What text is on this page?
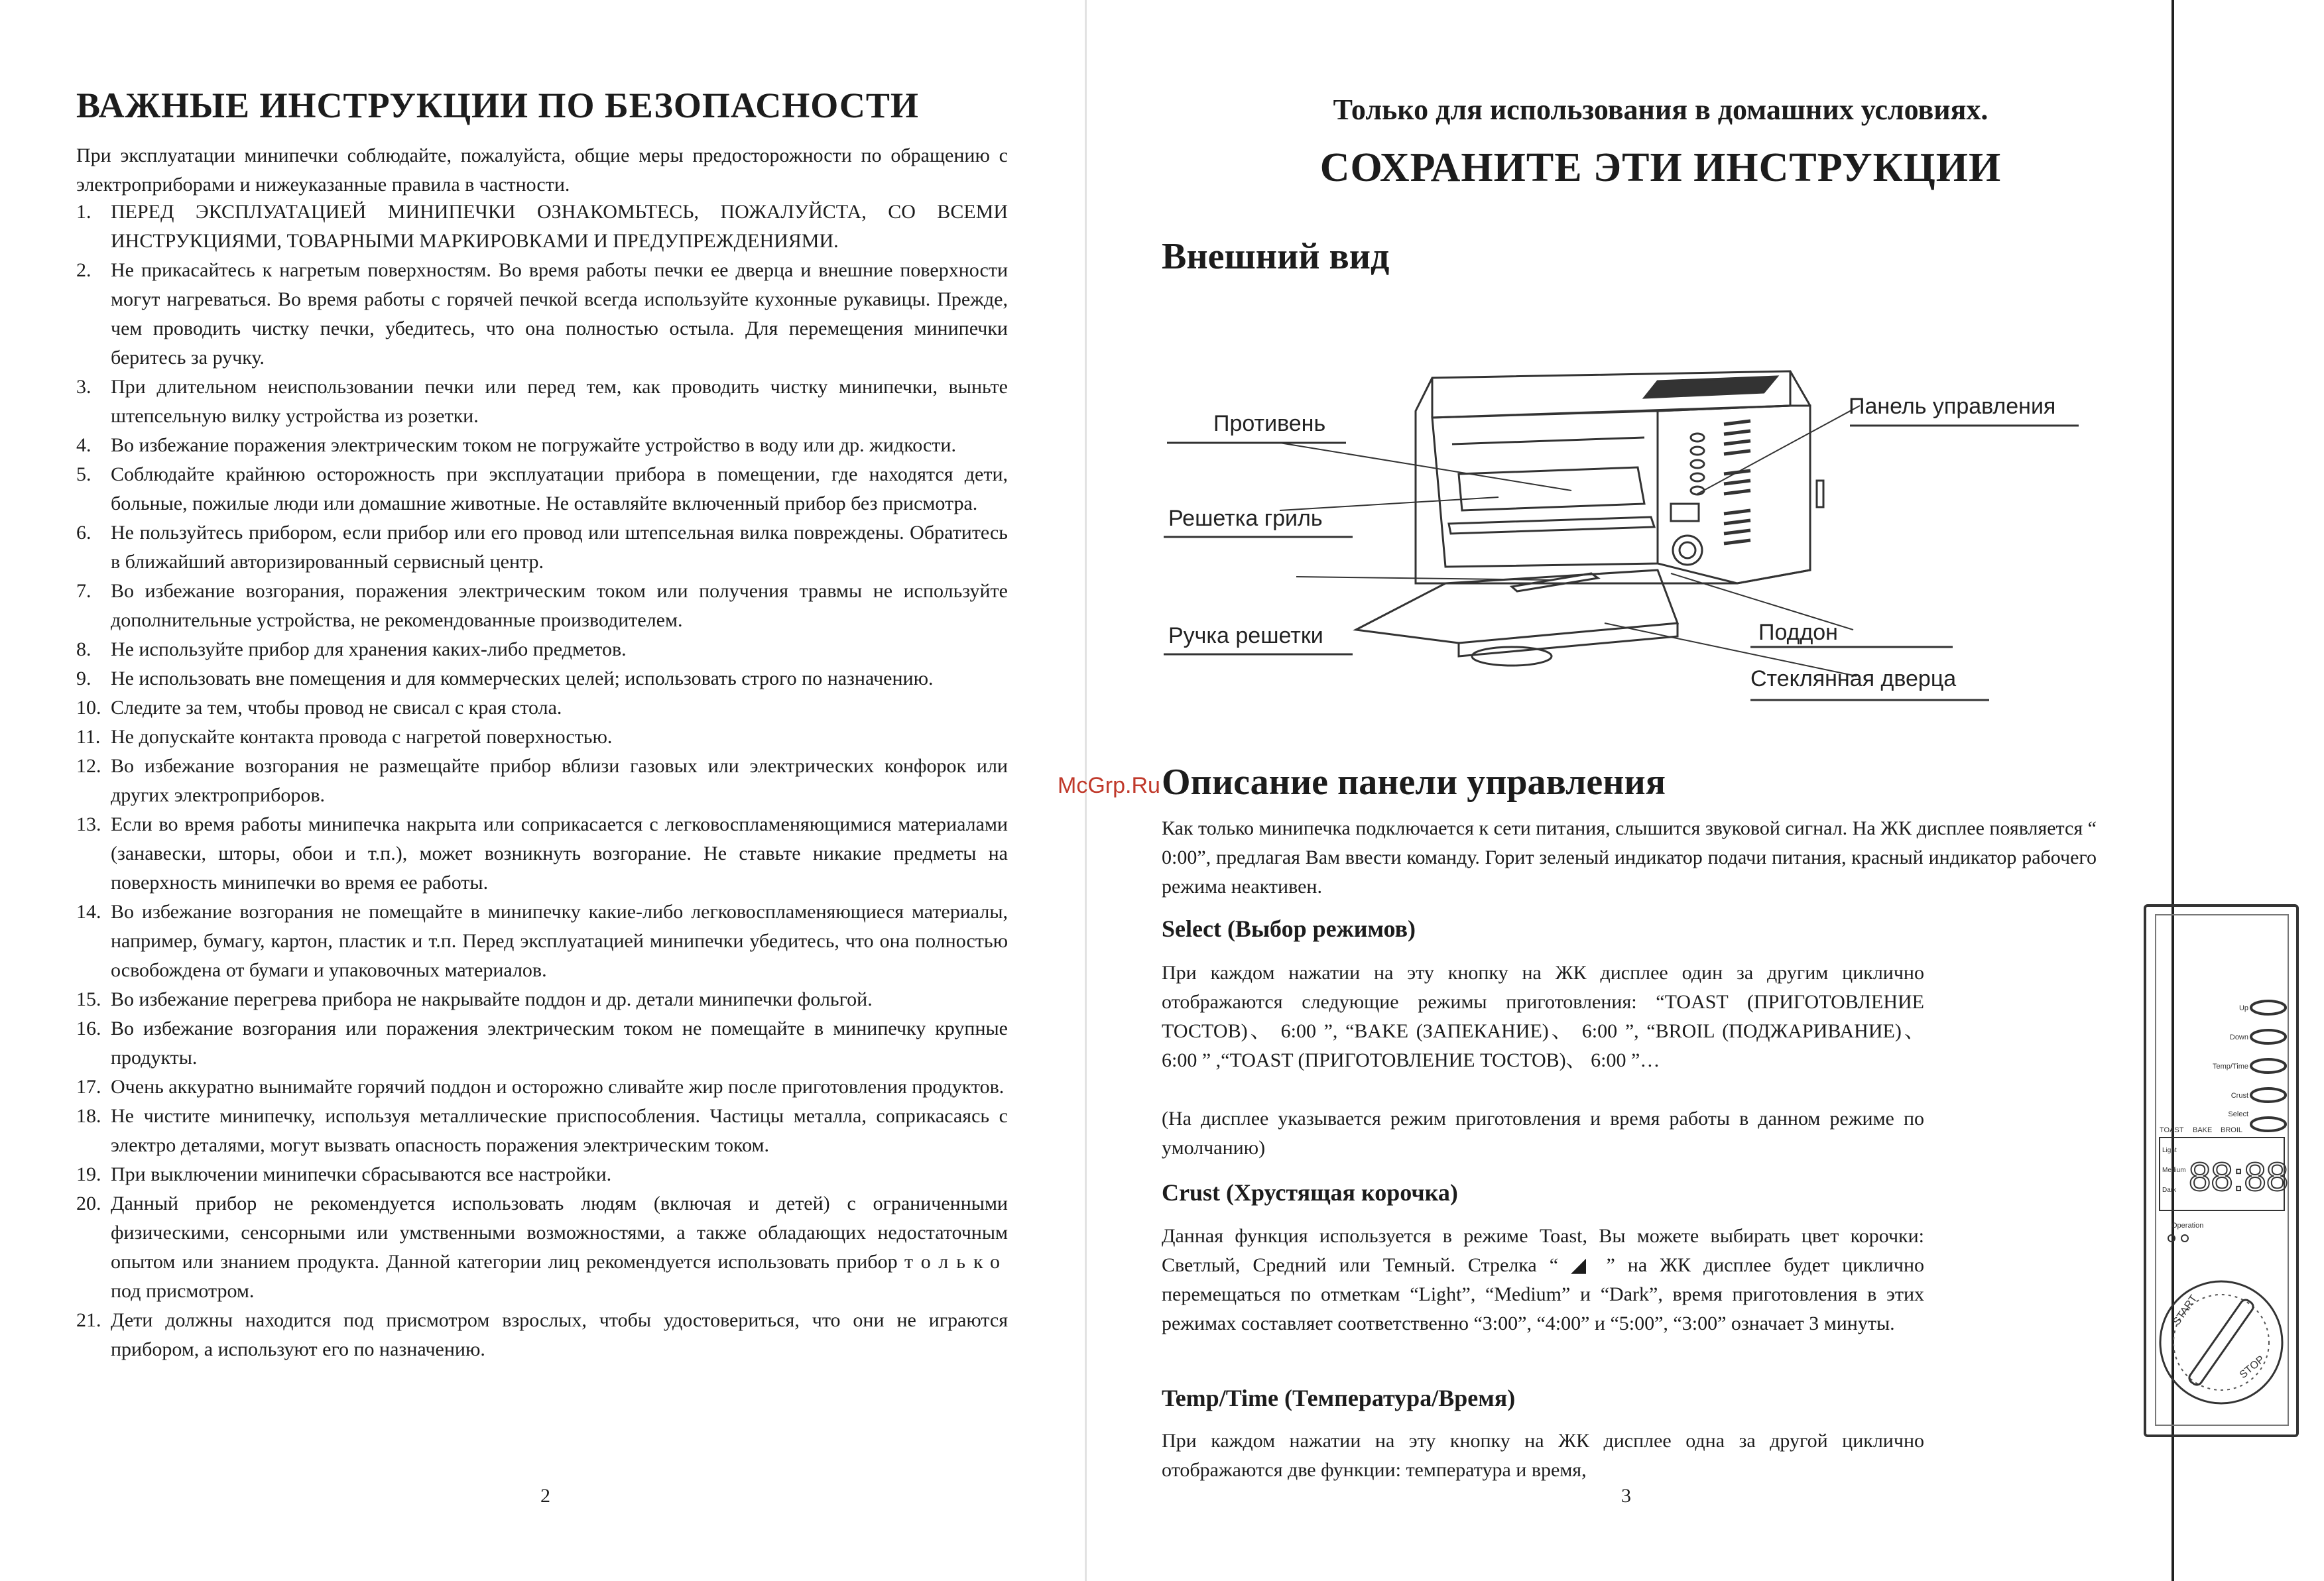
ВАЖНЫЕ ИНСТРУКЦИИ ПО БЕЗОПАСНОСТИ
При эксплуатации минипечки соблюдайте, пожалуйста, общие меры предосторожности по обращению с электроприборами и нижеуказанные правила в частности.
1. ПЕРЕД ЭКСПЛУАТАЦИЕЙ МИНИПЕЧКИ ОЗНАКОМЬТЕСЬ, ПОЖАЛУЙСТА, СО ВСЕМИ ИНСТРУКЦИЯМИ, ТОВАРНЫМИ МАРКИРОВКАМИ И ПРЕДУПРЕЖДЕНИЯМИ.
2. Не прикасайтесь к нагретым поверхностям. Во время работы печки ее дверца и внешние поверхности могут нагреваться. Во время работы с горячей печкой всегда используйте кухонные рукавицы. Прежде, чем проводить чистку печки, убедитесь, что она полностью остыла. Для перемещения минипечки беритесь за ручку.
3. При длительном неиспользовании печки или перед тем, как проводить чистку минипечки, выньте штепсельную вилку устройства из розетки.
4. Во избежание поражения электрическим током не погружайте устройство в воду или др. жидкости.
5. Соблюдайте крайнюю осторожность при эксплуатации прибора в помещении, где находятся дети, больные, пожилые люди или домашние животные. Не оставляйте включенный прибор без присмотра.
6. Не пользуйтесь прибором, если прибор или его провод или штепсельная вилка повреждены. Обратитесь в ближайший авторизированный сервисный центр.
7. Во избежание возгорания, поражения электрическим током или получения травмы не используйте дополнительные устройства, не рекомендованные производителем.
8. Не используйте прибор для хранения каких-либо предметов.
9. Не использовать вне помещения и для коммерческих целей; использовать строго по назначению.
10. Следите за тем, чтобы провод не свисал с края стола.
11. Не допускайте контакта провода с нагретой поверхностью.
12. Во избежание возгорания не размещайте прибор вблизи газовых или электрических конфорок или других электроприборов.
13. Если во время работы минипечка накрыта или соприкасается с легковоспламеняющимися материалами (занавески, шторы, обои и т.п.), может возникнуть возгорание. Не ставьте никакие предметы на поверхность минипечки во время ее работы.
14. Во избежание возгорания не помещайте в минипечку какие-либо легковоспламеняющиеся материалы, например, бумагу, картон, пластик и т.п. Перед эксплуатацией минипечки убедитесь, что она полностью освобождена от бумаги и упаковочных материалов.
15. Во избежание перегрева прибора не накрывайте поддон и др. детали минипечки фольгой.
16. Во избежание возгорания или поражения электрическим током не помещайте в минипечку крупные продукты.
17. Очень аккуратно вынимайте горячий поддон и осторожно сливайте жир после приготовления продуктов.
18. Не чистите минипечку, используя металлические приспособления. Частицы металла, соприкасаясь с электро деталями, могут вызвать опасность поражения электрическим током.
19. При выключении минипечки сбрасываются все настройки.
20. Данный прибор не рекомендуется использовать людям (включая и детей) с ограниченными физическими, сенсорными или умственными возможностями, а также обладающих недостаточным опытом или знанием продукта. Данной категории лиц рекомендуется использовать прибор только под присмотром.
21. Дети должны находится под присмотром взрослых, чтобы удостовериться, что они не играются прибором, а используют его по назначению.
2
Только для использования в домашних условиях.
СОХРАНИТЕ ЭТИ ИНСТРУКЦИИ
Внешний вид
Противень
Решетка гриль
Ручка решетки
Панель управления
Поддон
Стеклянная дверца
McGrp.Ru Описание панели управления
Как только минипечка подключается к сети питания, слышится звуковой сигнал. На ЖК дисплее появляется “ 0:00”, предлагая Вам ввести команду. Горит зеленый индикатор подачи питания, красный индикатор рабочего режима неактивен.
Select (Выбор режимов)
При каждом нажатии на эту кнопку на ЖК дисплее один за другим циклично отображаются следующие режимы приготовления: “TOAST (ПРИГОТОВЛЕНИЕ ТОСТОВ)、 6:00 ”, “BAKE (ЗАПЕКАНИЕ)、 6:00 ”, “BROIL (ПОДЖАРИВАНИЕ)、 6:00 ” ,“TOAST (ПРИГОТОВЛЕНИЕ ТОСТОВ)、 6:00 ”…
(На дисплее указывается режим приготовления и время работы в данном режиме по умолчанию)
Crust (Хрустящая корочка)
Данная функция используется в режиме Toast, Вы можете выбирать цвет корочки: Светлый, Средний или Темный. Стрелка “ ◢ ” на ЖК дисплее будет циклично перемещаться по отметкам “Light”, “Medium” и “Dark”, время приготовления в этих режимах составляет соответственно “3:00”, “4:00” и “5:00”, “3:00” означает 3 минуты.
Temp/Time (Температура/Время)
При каждом нажатии на эту кнопку на ЖК дисплее одна за другой циклично отображаются две функции: температура и время,
Up
Down
Temp/Time
Crust
Select
TOAST BAKE BROIL
Light
Medium
Dark 88:88
Operation
START
STOP
3
